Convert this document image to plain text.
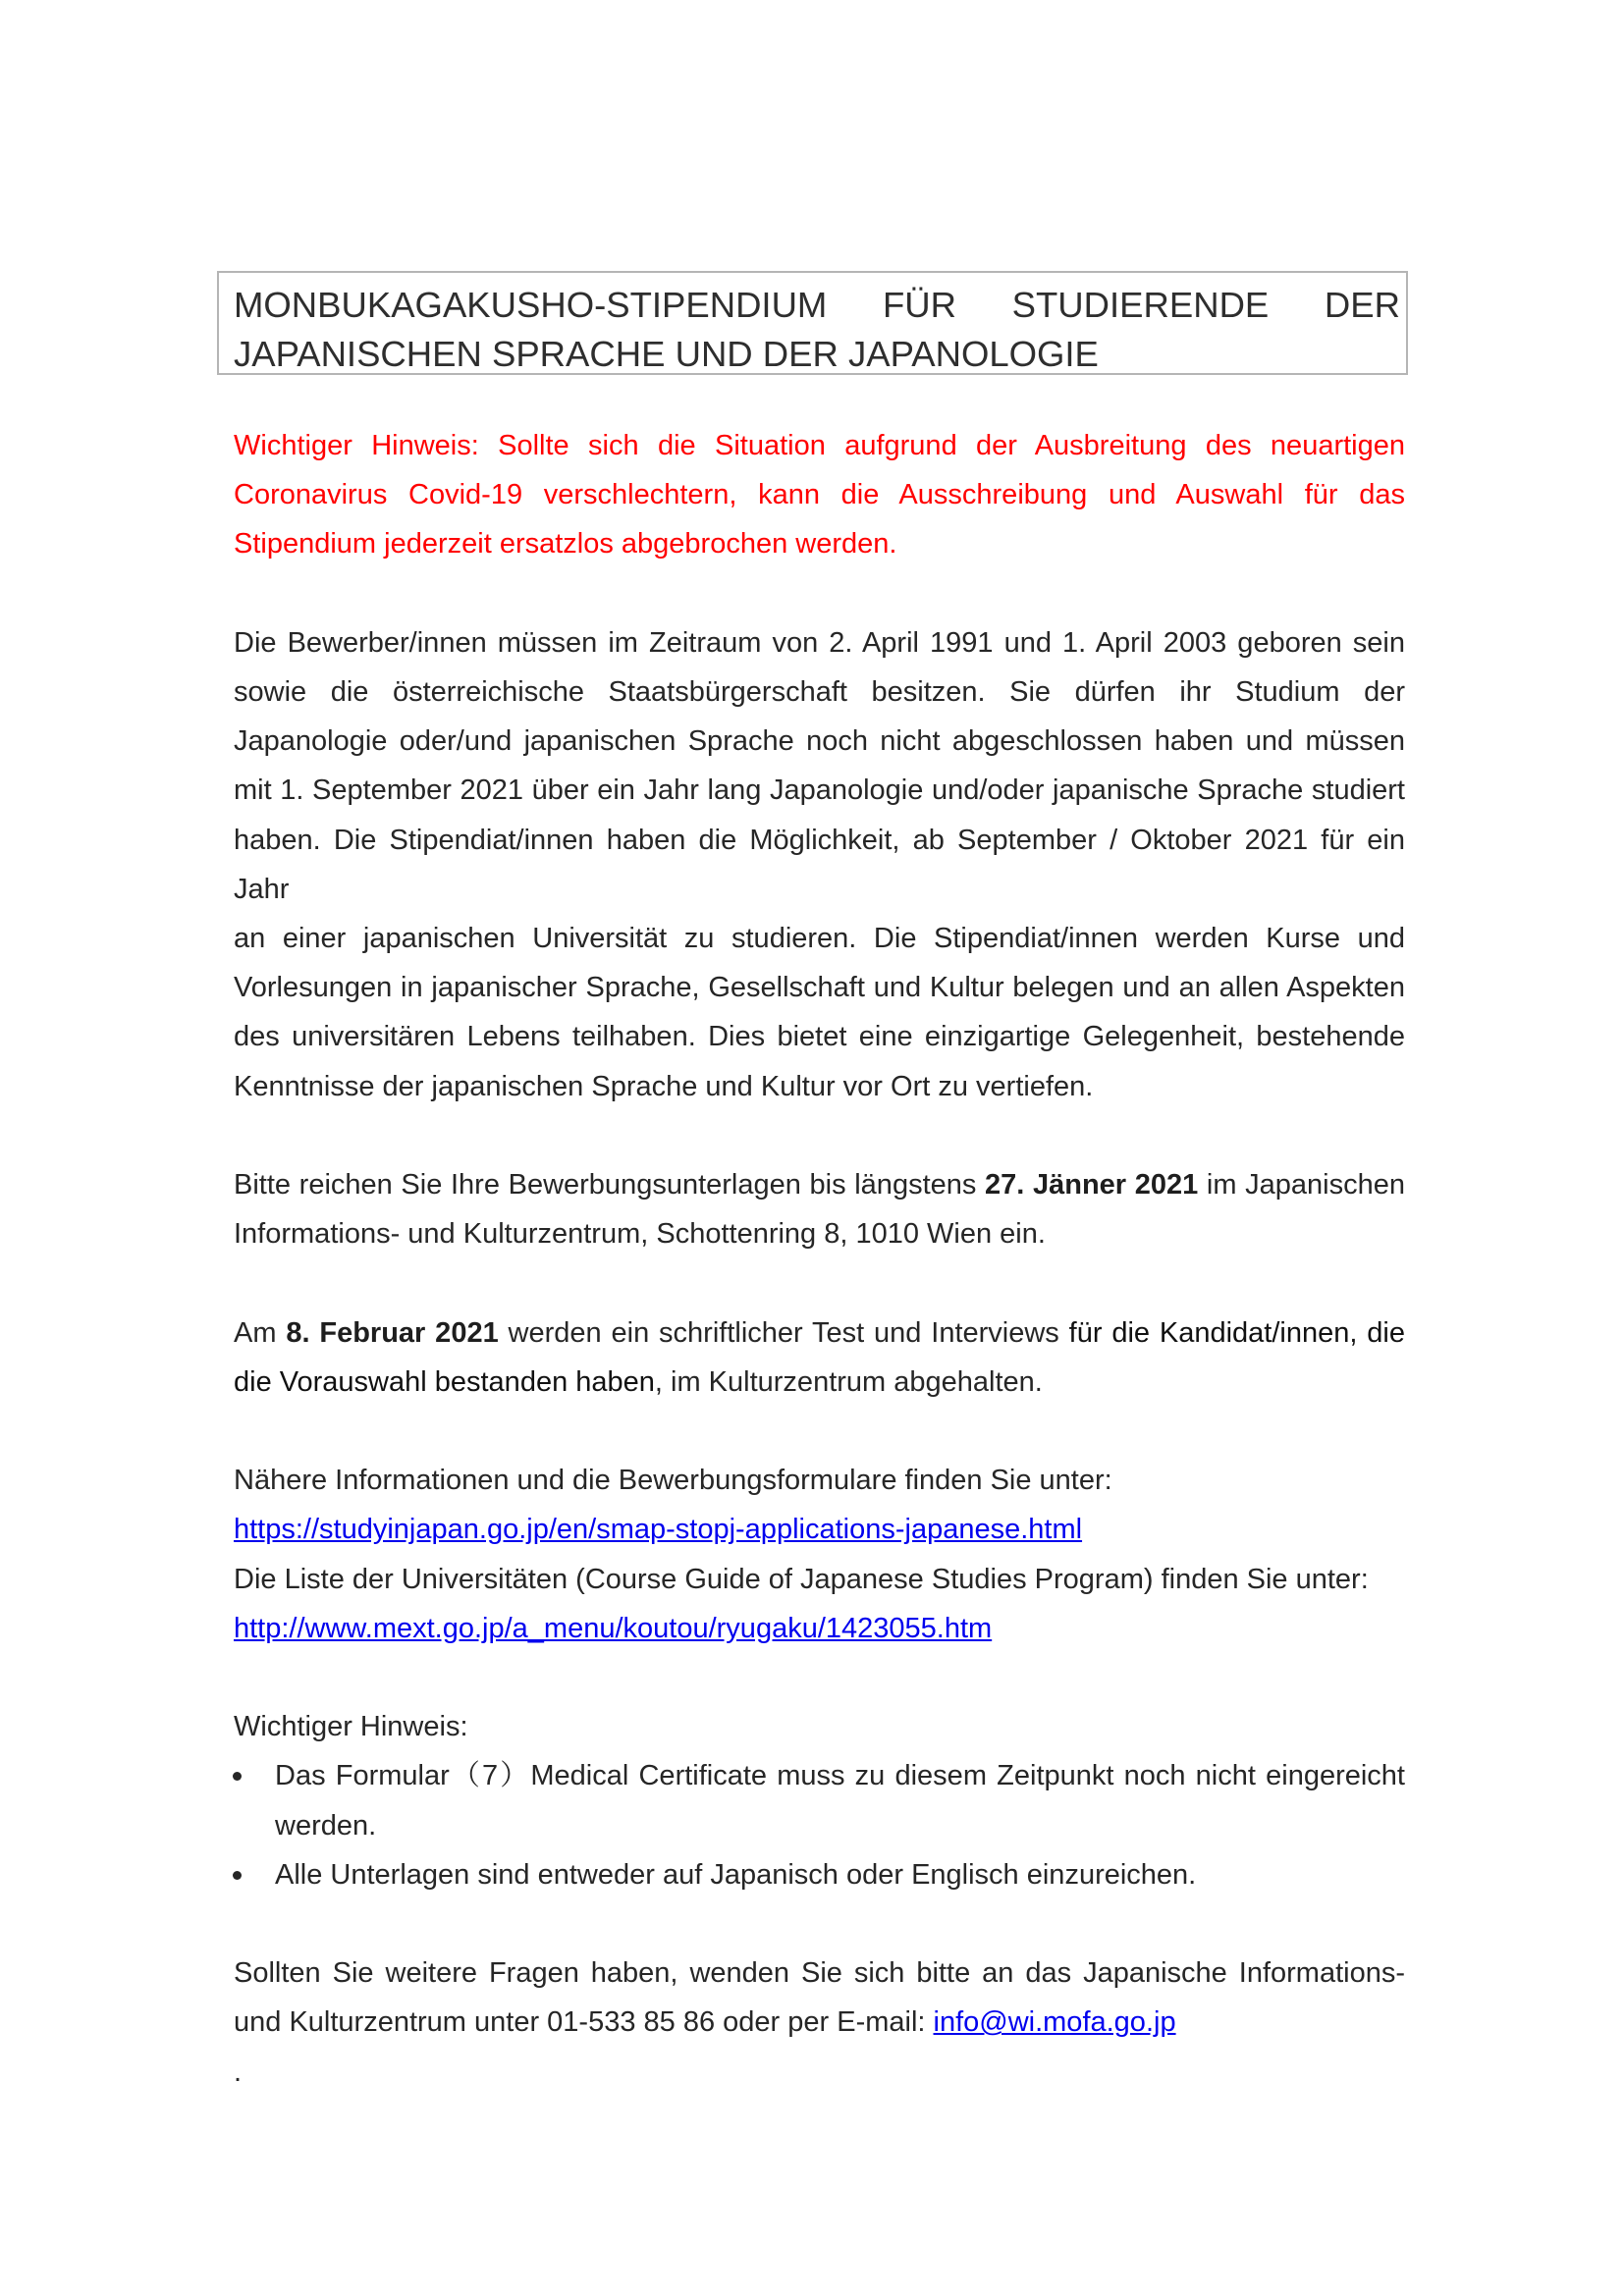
MONBUKAGAKUSHO-STIPENDIUM FÜR STUDIERENDE DER
JAPANISCHEN SPRACHE UND DER JAPANOLOGIE

Wichtiger Hinweis: Sollte sich die Situation aufgrund der Ausbreitung des neuartigen
Coronavirus Covid-19 verschlechtern, kann die Ausschreibung und Auswahl für das
Stipendium jederzeit ersatzlos abgebrochen werden.

Die Bewerber/innen müssen im Zeitraum von 2. April 1991 und 1. April 2003 geboren sein
sowie die österreichische Staatsbürgerschaft besitzen. Sie dürfen ihr Studium der
Japanologie oder/und japanischen Sprache noch nicht abgeschlossen haben und müssen
mit 1. September 2021 über ein Jahr lang Japanologie und/oder japanische Sprache studiert
haben. Die Stipendiat/innen haben die Möglichkeit, ab September / Oktober 2021 für ein Jahr
an einer japanischen Universität zu studieren. Die Stipendiat/innen werden Kurse und
Vorlesungen in japanischer Sprache, Gesellschaft und Kultur belegen und an allen Aspekten
des universitären Lebens teilhaben. Dies bietet eine einzigartige Gelegenheit, bestehende
Kenntnisse der japanischen Sprache und Kultur vor Ort zu vertiefen.

Bitte reichen Sie Ihre Bewerbungsunterlagen bis längstens 27. Jänner 2021 im Japanischen
Informations- und Kulturzentrum, Schottenring 8, 1010 Wien ein.

Am 8. Februar 2021 werden ein schriftlicher Test und Interviews für die Kandidat/innen, die
die Vorauswahl bestanden haben, im Kulturzentrum abgehalten.

Nähere Informationen und die Bewerbungsformulare finden Sie unter:
https://studyinjapan.go.jp/en/smap-stopj-applications-japanese.html
Die Liste der Universitäten (Course Guide of Japanese Studies Program) finden Sie unter:
http://www.mext.go.jp/a_menu/koutou/ryugaku/1423055.htm

Wichtiger Hinweis:

Das Formular（7）Medical Certificate muss zu diesem Zeitpunkt noch nicht eingereicht
werden.
Alle Unterlagen sind entweder auf Japanisch oder Englisch einzureichen.

Sollten Sie weitere Fragen haben, wenden Sie sich bitte an das Japanische Informations-
und Kulturzentrum unter 01-533 85 86 oder per E-mail: info@wi.mofa.go.jp
.
